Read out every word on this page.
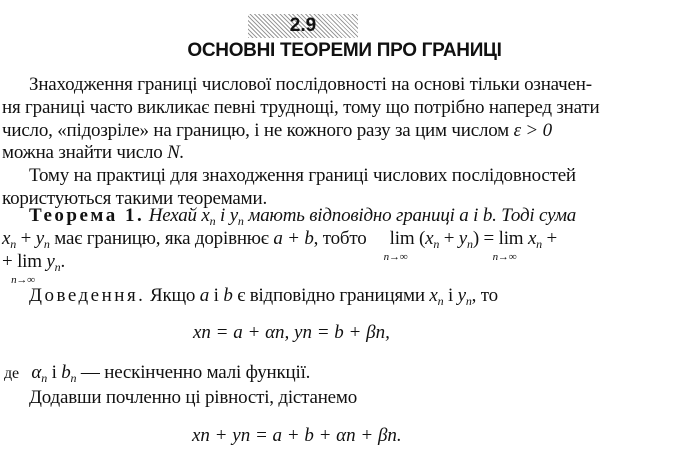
2.9
ОСНОВНІ ТЕОРЕМИ ПРО ГРАНИЦІ
Знаходження границі числової послідовності на основі тільки означен-
ня границі часто викликає певні труднощі, тому що потрібно наперед знати
число, «підозріле» на границю, і не кожного разу за цим числом ε > 0
можна знайти число N.
Тому на практиці для знаходження границі числових послідовностей
користуються такими теоремами.
Теорема 1. Нехай $x_n$ і $y_n$ мають відповідно границі a і b. Тоді сума
$x_n + y_n$ має границю, яка дорівнює a + b, тобто lim
n→∞
$(x_n + y_n) = \lim$
n→∞
$x_n$ +
+ lim
n→∞
$y_n$.
Доведення. Якщо a і b є відповідно границями $x_n$ і $y_n$, то
xn = a + αn, yn = b + βn,
де $\alpha_n$ і $b_n$ — нескінченно малі функції.
Додавши почленно ці рівності, дістанемо
xn + yn = a + b + αn + βn.
